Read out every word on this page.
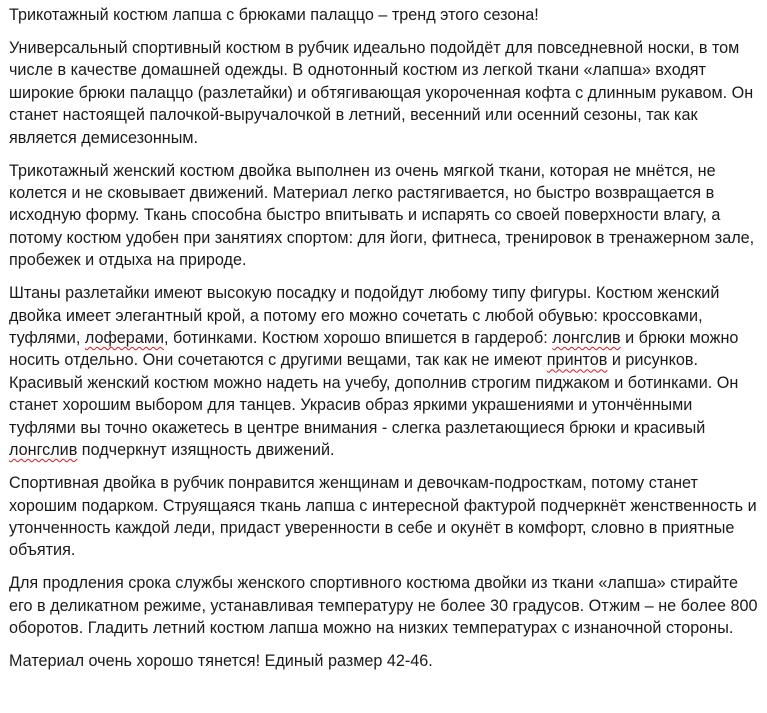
Трикотажный костюм лапша с брюками палаццо – тренд этого сезона!

Универсальный спортивный костюм в рубчик идеально подойдёт для повседневной носки, в том
числе в качестве домашней одежды. В однотонный костюм из легкой ткани «лапша» входят
широкие брюки палаццо (разлетайки) и обтягивающая укороченная кофта с длинным рукавом. Он
станет настоящей палочкой-выручалочкой в летний, весенний или осенний сезоны, так как
является демисезонным.

Трикотажный женский костюм двойка выполнен из очень мягкой ткани, которая не мнётся, не
колется и не сковывает движений. Материал легко растягивается, но быстро возвращается в
исходную форму. Ткань способна быстро впитывать и испарять со своей поверхности влагу, а
потому костюм удобен при занятиях спортом: для йоги, фитнеса, тренировок в тренажерном зале,
пробежек и отдыха на природе.

Штаны разлетайки имеют высокую посадку и подойдут любому типу фигуры. Костюм женский
двойка имеет элегантный крой, а потому его можно сочетать с любой обувью: кроссовками,
туфлями, лоферами, ботинками. Костюм хорошо впишется в гардероб: лонгслив и брюки можно
носить отдельно. Они сочетаются с другими вещами, так как не имеют принтов и рисунков.
Красивый женский костюм можно надеть на учебу, дополнив строгим пиджаком и ботинками. Он
станет хорошим выбором для танцев. Украсив образ яркими украшениями и утончёнными
туфлями вы точно окажетесь в центре внимания - слегка разлетающиеся брюки и красивый
лонгслив подчеркнут изящность движений.

Спортивная двойка в рубчик понравится женщинам и девочкам-подросткам, потому станет
хорошим подарком. Струящаяся ткань лапша с интересной фактурой подчеркнёт женственность и
утонченность каждой леди, придаст уверенности в себе и окунёт в комфорт, словно в приятные
объятия.

Для продления срока службы женского спортивного костюма двойки из ткани «лапша» стирайте
его в деликатном режиме, устанавливая температуру не более 30 градусов. Отжим – не более 800
оборотов. Гладить летний костюм лапша можно на низких температурах с изнаночной стороны.

Материал очень хорошо тянется! Единый размер 42-46.
